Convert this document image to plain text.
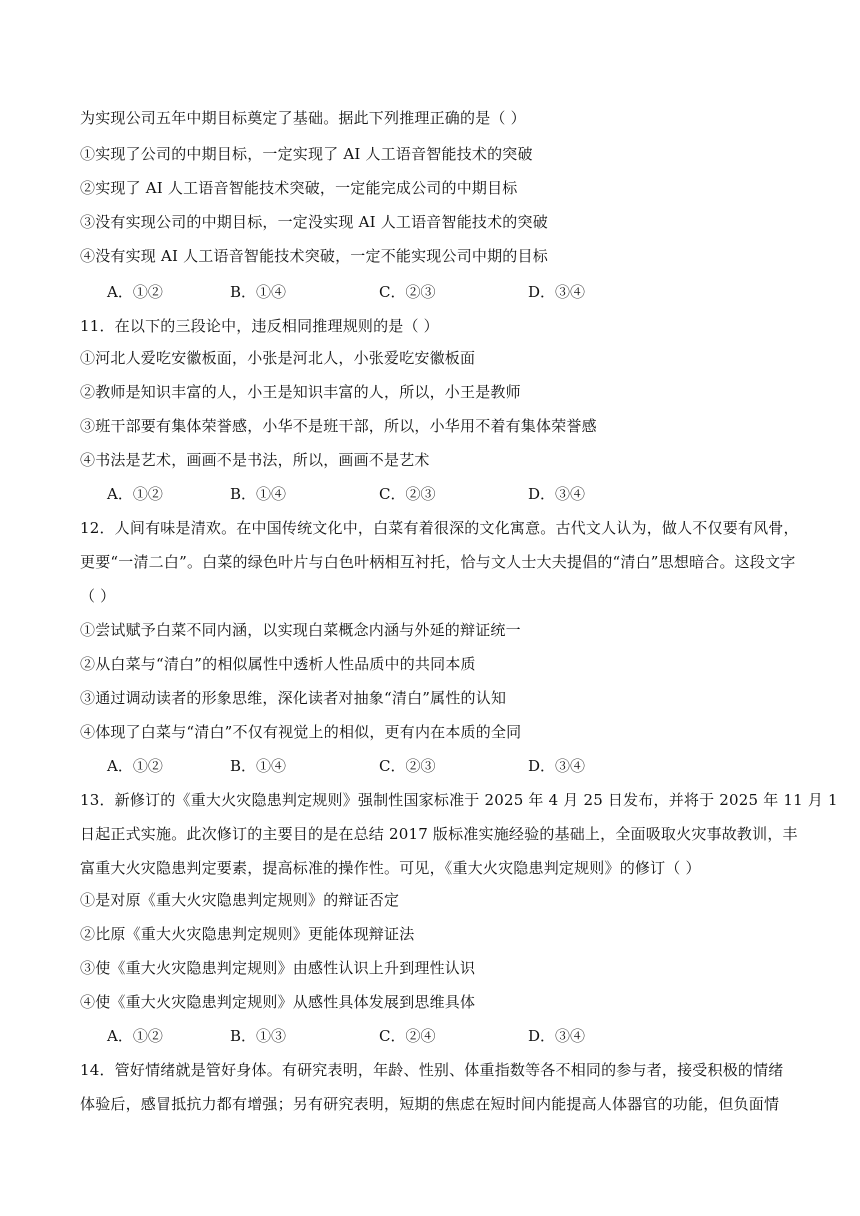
为实现公司五年中期目标奠定了基础。据此下列推理正确的是（ ）
①实现了公司的中期目标，一定实现了 AI 人工语音智能技术的突破
②实现了 AI 人工语音智能技术突破，一定能完成公司的中期目标
③没有实现公司的中期目标，一定没实现 AI 人工语音智能技术的突破
④没有实现 AI 人工语音智能技术突破，一定不能实现公司中期的目标
A．①②	B．①④	C．②③	D．③④
11．在以下的三段论中，违反相同推理规则的是（ ）
①河北人爱吃安徽板面，小张是河北人，小张爱吃安徽板面
②教师是知识丰富的人，小王是知识丰富的人，所以，小王是教师
③班干部要有集体荣誉感，小华不是班干部，所以，小华用不着有集体荣誉感
④书法是艺术，画画不是书法，所以，画画不是艺术
A．①②	B．①④	C．②③	D．③④
12．人间有味是清欢。在中国传统文化中，白菜有着很深的文化寓意。古代文人认为，做人不仅要有风骨，
更要“一清二白”。白菜的绿色叶片与白色叶柄相互衬托，恰与文人士大夫提倡的“清白”思想暗合。这段文字
（ ）
①尝试赋予白菜不同内涵，以实现白菜概念内涵与外延的辩证统一
②从白菜与“清白”的相似属性中透析人性品质中的共同本质
③通过调动读者的形象思维，深化读者对抽象“清白”属性的认知
④体现了白菜与“清白”不仅有视觉上的相似，更有内在本质的全同
A．①②	B．①④	C．②③	D．③④
13．新修订的《重大火灾隐患判定规则》强制性国家标准于 2025 年 4 月 25 日发布，并将于 2025 年 11 月 1
日起正式实施。此次修订的主要目的是在总结 2017 版标准实施经验的基础上，全面吸取火灾事故教训，丰
富重大火灾隐患判定要素，提高标准的操作性。可见，《重大火灾隐患判定规则》的修订（ ）
①是对原《重大火灾隐患判定规则》的辩证否定
②比原《重大火灾隐患判定规则》更能体现辩证法
③使《重大火灾隐患判定规则》由感性认识上升到理性认识
④使《重大火灾隐患判定规则》从感性具体发展到思维具体
A．①②	B．①③	C．②④	D．③④
14．管好情绪就是管好身体。有研究表明，年龄、性别、体重指数等各不相同的参与者，接受积极的情绪
体验后，感冒抵抗力都有增强；另有研究表明，短期的焦虑在短时间内能提高人体器官的功能，但负面情
